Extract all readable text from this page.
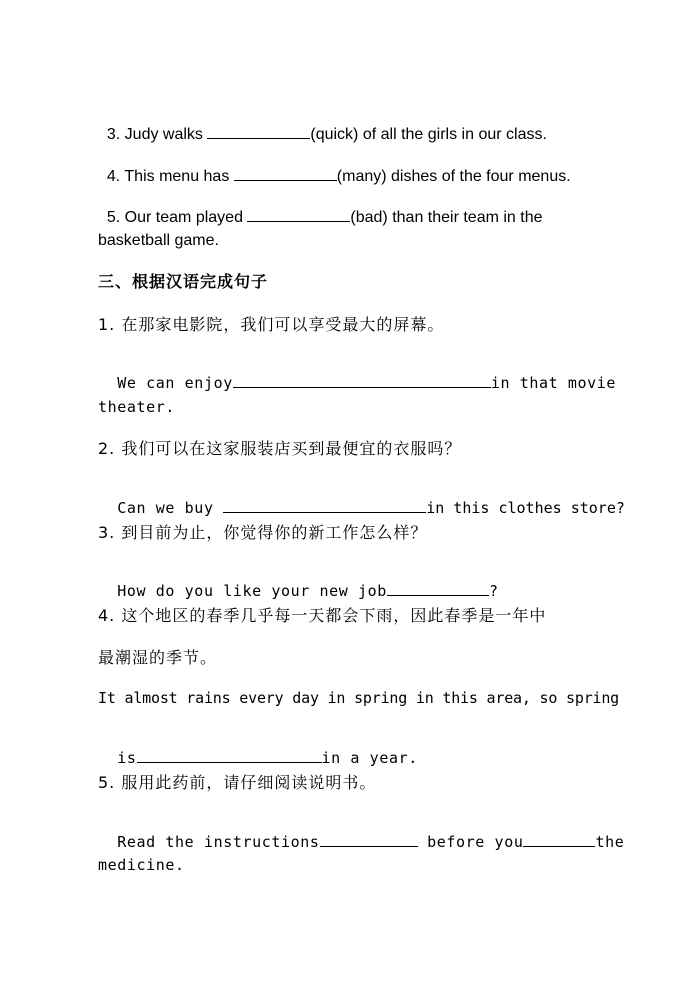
3. Judy walks	(quick) of all the girls in our class.

4. This menu has	(many) dishes of the four menus.

5. Our team played	(bad) than their team in the

basketball game.
三、根据汉语完成句子
1. 在那家电影院，我们可以享受最大的屏幕。

We can enjoy	in that movie

theater.
2. 我们可以在这家服装店买到最便宜的衣服吗？

Can we buy	in this clothes store?

3. 到目前为止，你觉得你的新工作怎么样？

How do you like your new job	?

4. 这个地区的春季几乎每一天都会下雨，因此春季是一年中
最潮湿的季节。
It almost rains every day in spring in this area, so spring

is	in a year.

5. 服用此药前，请仔细阅读说明书。

Read the instructions	before you	the

medicine.
